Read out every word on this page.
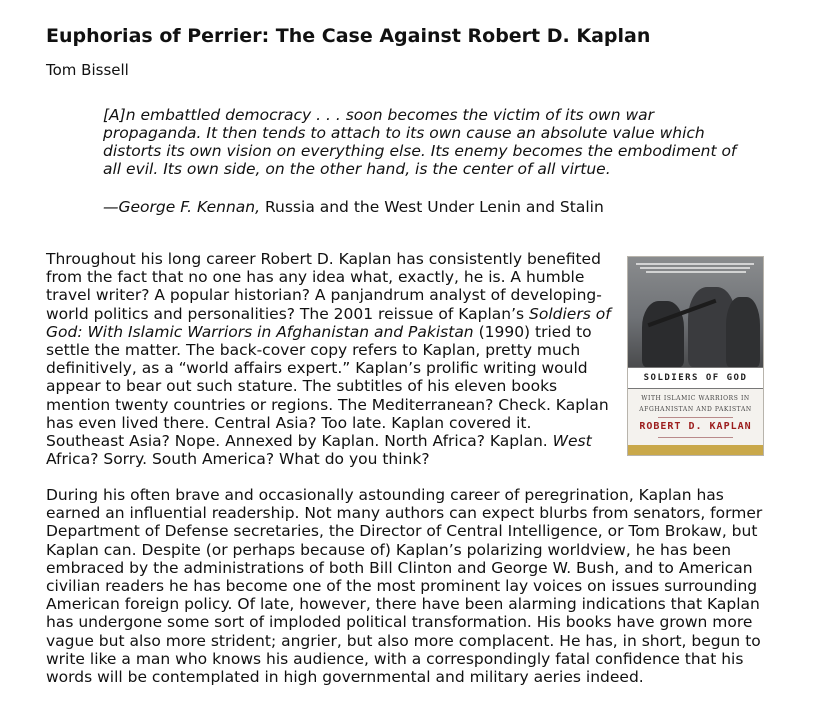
Euphorias of Perrier: The Case Against Robert D. Kaplan

Tom Bissell

[A]n embattled democracy . . . soon becomes the victim of its own war propaganda. It then tends to attach to its own cause an absolute value which distorts its own vision on everything else. Its enemy becomes the embodiment of all evil. Its own side, on the other hand, is the center of all virtue.

—George F. Kennan, Russia and the West Under Lenin and Stalin

Throughout his long career Robert D. Kaplan has consistently benefited
from the fact that no one has any idea what, exactly, he is. A humble
travel writer? A popular historian? A panjandrum analyst of developing-
world politics and personalities? The 2001 reissue of Kaplan’s Soldiers of
God: With Islamic Warriors in Afghanistan and Pakistan (1990) tried to
settle the matter. The back-cover copy refers to Kaplan, pretty much
definitively, as a “world affairs expert.” Kaplan’s prolific writing would
appear to bear out such stature. The subtitles of his eleven books
mention twenty countries or regions. The Mediterranean? Check. Kaplan
has even lived there. Central Asia? Too late. Kaplan covered it.
Southeast Asia? Nope. Annexed by Kaplan. North Africa? Kaplan. West
Africa? Sorry. South America? What do you think?
SOLDIERS OF GOD
WITH ISLAMIC WARRIORS IN
AFGHANISTAN AND PAKISTAN
ROBERT D. KAPLAN
During his often brave and occasionally astounding career of peregrination, Kaplan has
earned an influential readership. Not many authors can expect blurbs from senators, former
Department of Defense secretaries, the Director of Central Intelligence, or Tom Brokaw, but
Kaplan can. Despite (or perhaps because of) Kaplan’s polarizing worldview, he has been
embraced by the administrations of both Bill Clinton and George W. Bush, and to American
civilian readers he has become one of the most prominent lay voices on issues surrounding
American foreign policy. Of late, however, there have been alarming indications that Kaplan
has undergone some sort of imploded political transformation. His books have grown more
vague but also more strident; angrier, but also more complacent. He has, in short, begun to
write like a man who knows his audience, with a correspondingly fatal confidence that his
words will be contemplated in high governmental and military aeries indeed.
